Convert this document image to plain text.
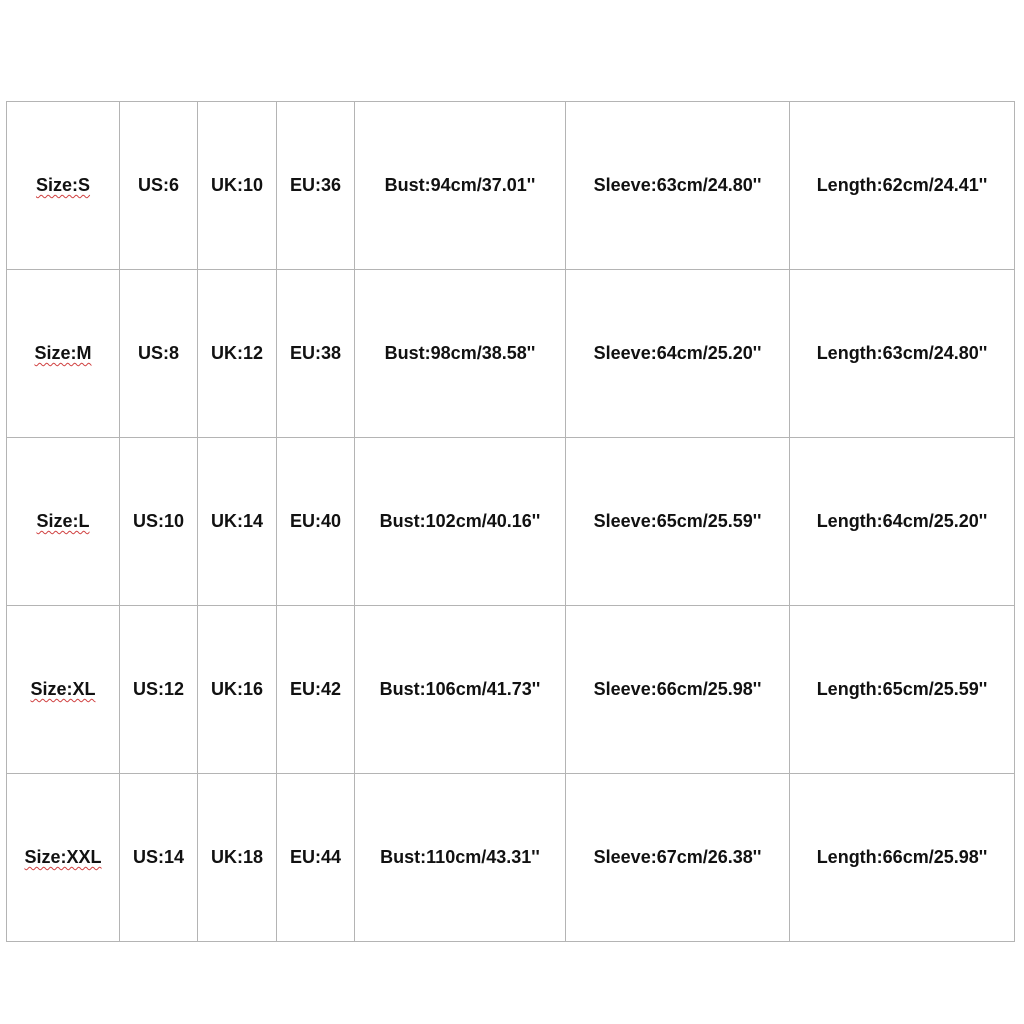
Size:S	US:6	UK:10	EU:36	Bust:94cm/37.01''	Sleeve:63cm/24.80''	Length:62cm/24.41''
Size:M	US:8	UK:12	EU:38	Bust:98cm/38.58''	Sleeve:64cm/25.20''	Length:63cm/24.80''
Size:L	US:10	UK:14	EU:40	Bust:102cm/40.16''	Sleeve:65cm/25.59''	Length:64cm/25.20''
Size:XL	US:12	UK:16	EU:42	Bust:106cm/41.73''	Sleeve:66cm/25.98''	Length:65cm/25.59''
Size:XXL	US:14	UK:18	EU:44	Bust:110cm/43.31''	Sleeve:67cm/26.38''	Length:66cm/25.98''
